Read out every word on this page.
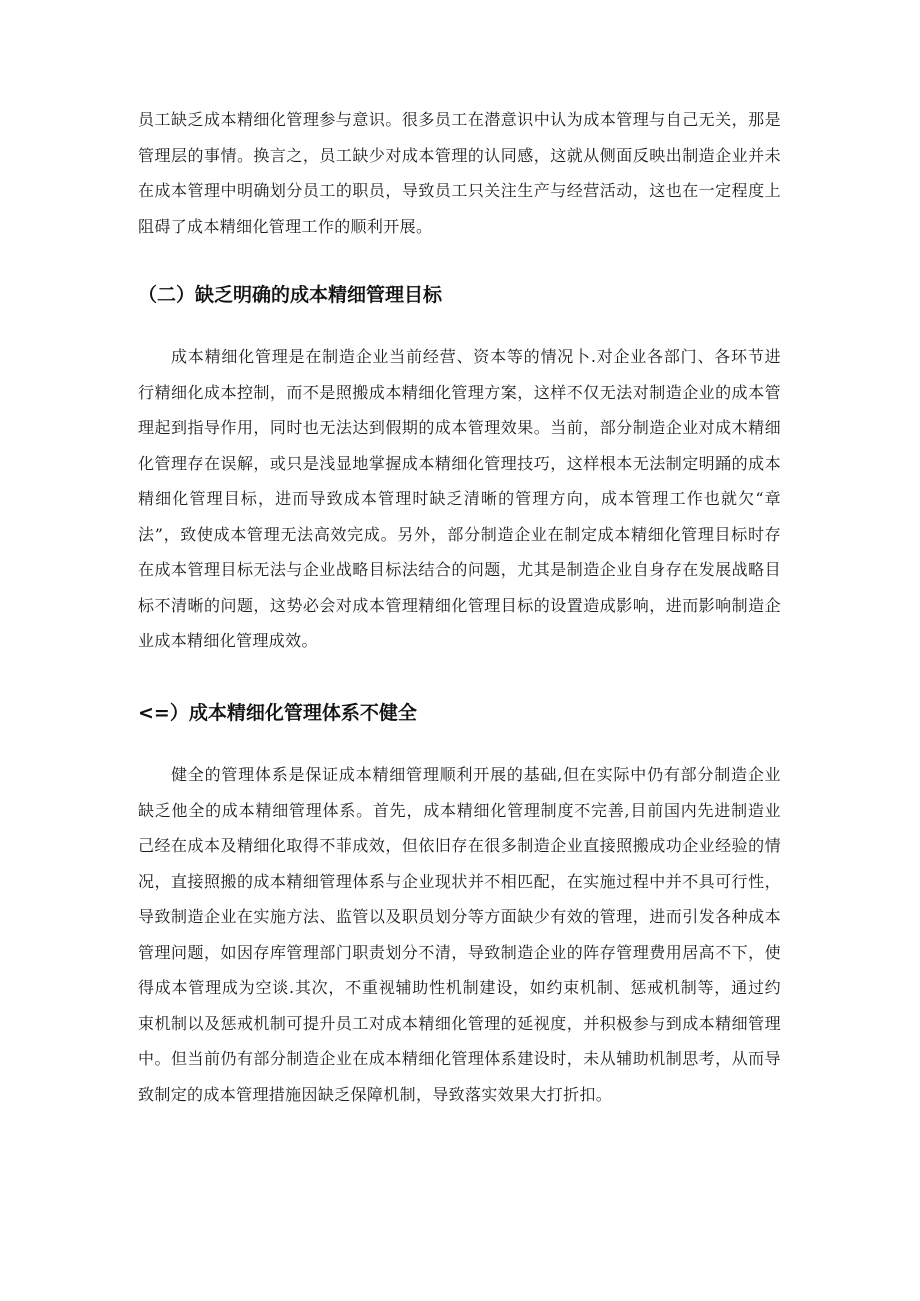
员工缺乏成本精细化管理参与意识。很多员工在潜意识中认为成本管理与自己无关，那是管理层的事情。换言之，员工缺少对成本管理的认同感，这就从侧面反映出制造企业并未在成本管理中明确划分员工的职员，导致员工只关注生产与经营活动，这也在一定程度上阻碍了成本精细化管理工作的顺利开展。

（二）缺乏明确的成本精细管理目标

成本精细化管理是在制造企业当前经营、资本等的情况卜.对企业各部门、各环节进行精细化成本控制，而不是照搬成本精细化管理方案，这样不仅无法对制造企业的成本管理起到指导作用，同时也无法达到假期的成本管理效果。当前，部分制造企业对成木精细化管理存在误解，或只是浅显地掌握成本精细化管理技巧，这样根本无法制定明踊的成本精细化管理目标，进而导致成本管理时缺乏清晰的管理方向，成本管理工作也就欠“章法”，致使成本管理无法高效完成。另外，部分制造企业在制定成本精细化管理目标时存在成本管理目标无法与企业战略目标法结合的问题，尤其是制造企业自身存在发展战略目标不清晰的问题，这势必会对成本管理精细化管理目标的设置造成影响，进而影响制造企业成本精细化管理成效。

<=）成本精细化管理体系不健全

健全的管理体系是保证成本精细管理顺利开展的基础,但在实际中仍有部分制造企业缺乏他全的成本精细管理体系。首先，成本精细化管理制度不完善,目前国内先进制造业己经在成本及精细化取得不菲成效，但依旧存在很多制造企业直接照搬成功企业经验的情况，直接照搬的成本精细管理体系与企业现状并不相匹配，在实施过程中并不具可行性，导致制造企业在实施方法、监管以及职员划分等方面缺少有效的管理，进而引发各种成本管理问题，如因存库管理部门职责划分不清，导致制造企业的阵存管理费用居高不下，使得成本管理成为空谈.其次，不重视辅助性机制建设，如约束机制、惩戒机制等，通过约束机制以及惩戒机制可提升员工对成本精细化管理的延视度，并积极参与到成本精细管理中。但当前仍有部分制造企业在成本精细化管理体系建设时，未从辅助机制思考，从而导致制定的成本管理措施因缺乏保障机制，导致落实效果大打折扣。
